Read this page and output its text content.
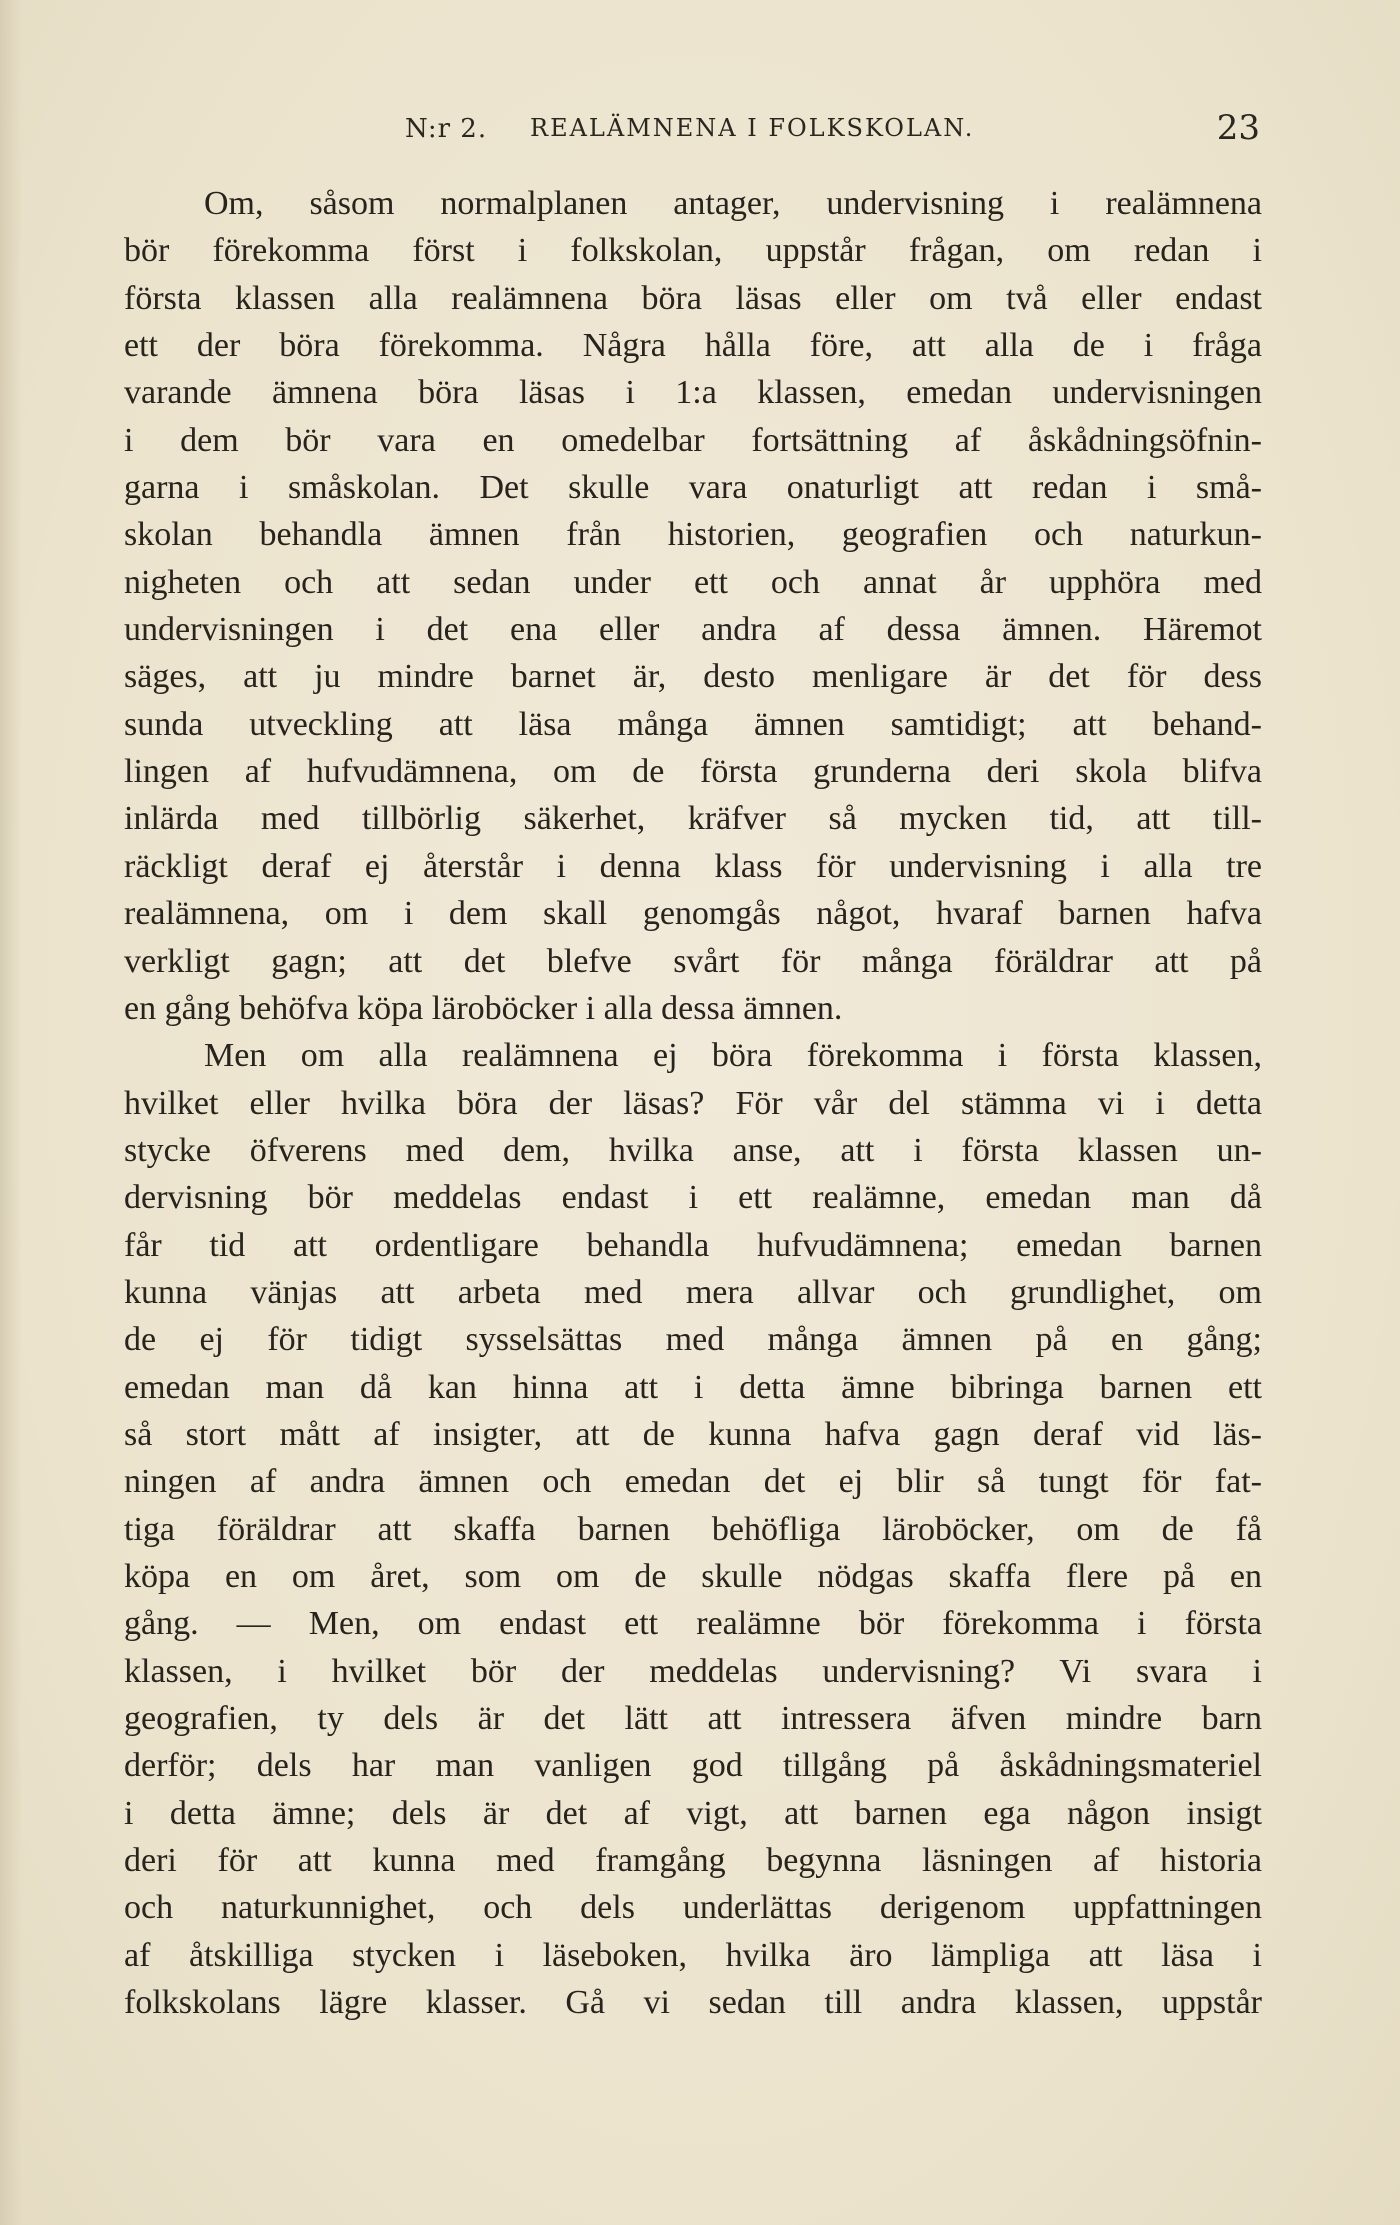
N:r 2. REALÄMNENA I FOLKSKOLAN.	23
Om, såsom normalplanen antager, undervisning i realämnena
bör förekomma först i folkskolan, uppstår frågan, om redan i
första klassen alla realämnena böra läsas eller om två eller endast
ett der böra förekomma. Några hålla före, att alla de i fråga
varande ämnena böra läsas i 1:a klassen, emedan undervisningen
i dem bör vara en omedelbar fortsättning af åskådningsöfnin-
garna i småskolan. Det skulle vara onaturligt att redan i små-
skolan behandla ämnen från historien, geografien och naturkun-
nigheten och att sedan under ett och annat år upphöra med
undervisningen i det ena eller andra af dessa ämnen. Häremot
säges, att ju mindre barnet är, desto menligare är det för dess
sunda utveckling att läsa många ämnen samtidigt; att behand-
lingen af hufvudämnena, om de första grunderna deri skola blifva
inlärda med tillbörlig säkerhet, kräfver så mycken tid, att till-
räckligt deraf ej återstår i denna klass för undervisning i alla tre
realämnena, om i dem skall genomgås något, hvaraf barnen hafva
verkligt gagn; att det blefve svårt för många föräldrar att på
en gång behöfva köpa läroböcker i alla dessa ämnen.
Men om alla realämnena ej böra förekomma i första klassen,
hvilket eller hvilka böra der läsas? För vår del stämma vi i detta
stycke öfverens med dem, hvilka anse, att i första klassen un-
dervisning bör meddelas endast i ett realämne, emedan man då
får tid att ordentligare behandla hufvudämnena; emedan barnen
kunna vänjas att arbeta med mera allvar och grundlighet, om
de ej för tidigt sysselsättas med många ämnen på en gång;
emedan man då kan hinna att i detta ämne bibringa barnen ett
så stort mått af insigter, att de kunna hafva gagn deraf vid läs-
ningen af andra ämnen och emedan det ej blir så tungt för fat-
tiga föräldrar att skaffa barnen behöfliga läroböcker, om de få
köpa en om året, som om de skulle nödgas skaffa flere på en
gång. — Men, om endast ett realämne bör förekomma i första
klassen, i hvilket bör der meddelas undervisning? Vi svara i
geografien, ty dels är det lätt att intressera äfven mindre barn
derför; dels har man vanligen god tillgång på åskådningsmateriel
i detta ämne; dels är det af vigt, att barnen ega någon insigt
deri för att kunna med framgång begynna läsningen af historia
och naturkunnighet, och dels underlättas derigenom uppfattningen
af åtskilliga stycken i läseboken, hvilka äro lämpliga att läsa i
folkskolans lägre klasser. Gå vi sedan till andra klassen, uppstår
